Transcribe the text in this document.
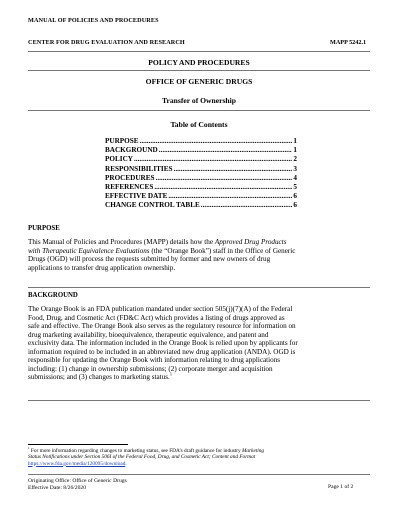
MANUAL OF POLICIES AND PROCEDURES
CENTER FOR DRUG EVALUATION AND RESEARCH	MAPP 5242.1
POLICY AND PROCEDURES
OFFICE OF GENERIC DRUGS
Transfer of Ownership
Table of Contents
PURPOSE .....	1
BACKGROUND .....	1
POLICY .....	2
RESPONSIBILITIES .....	3
PROCEDURES .....	4
REFERENCES .....	5
EFFECTIVE DATE .....	6
CHANGE CONTROL TABLE .....	6
PURPOSE
This Manual of Policies and Procedures (MAPP) details how the Approved Drug Products
with Therapeutic Equivalence Evaluations (the “Orange Book”) staff in the Office of Generic
Drugs (OGD) will process the requests submitted by former and new owners of drug
applications to transfer drug application ownership.
BACKGROUND
The Orange Book is an FDA publication mandated under section 505(j)(7)(A) of the Federal
Food, Drug, and Cosmetic Act (FD&C Act) which provides a listing of drugs approved as
safe and effective. The Orange Book also serves as the regulatory resource for information on
drug marketing availability, bioequivalence, therapeutic equivalence, and patent and
exclusivity data. The information included in the Orange Book is relied upon by applicants for
information required to be included in an abbreviated new drug application (ANDA). OGD is
responsible for updating the Orange Book with information relating to drug applications
including: (1) change in ownership submissions; (2) corporate merger and acquisition
submissions; and (3) changes to marketing status.$^1$
$^1$ For more information regarding changes to marketing status, see FDA’s draft guidance for industry Marketing
Status Notifications under Section 506I of the Federal Food, Drug, and Cosmetic Act; Content and Format
https://www.fda.gov/media/120095/download.
Originating Office: Office of Generic Drugs
Effective Date: 8/26/2020	Page 1 of 2
